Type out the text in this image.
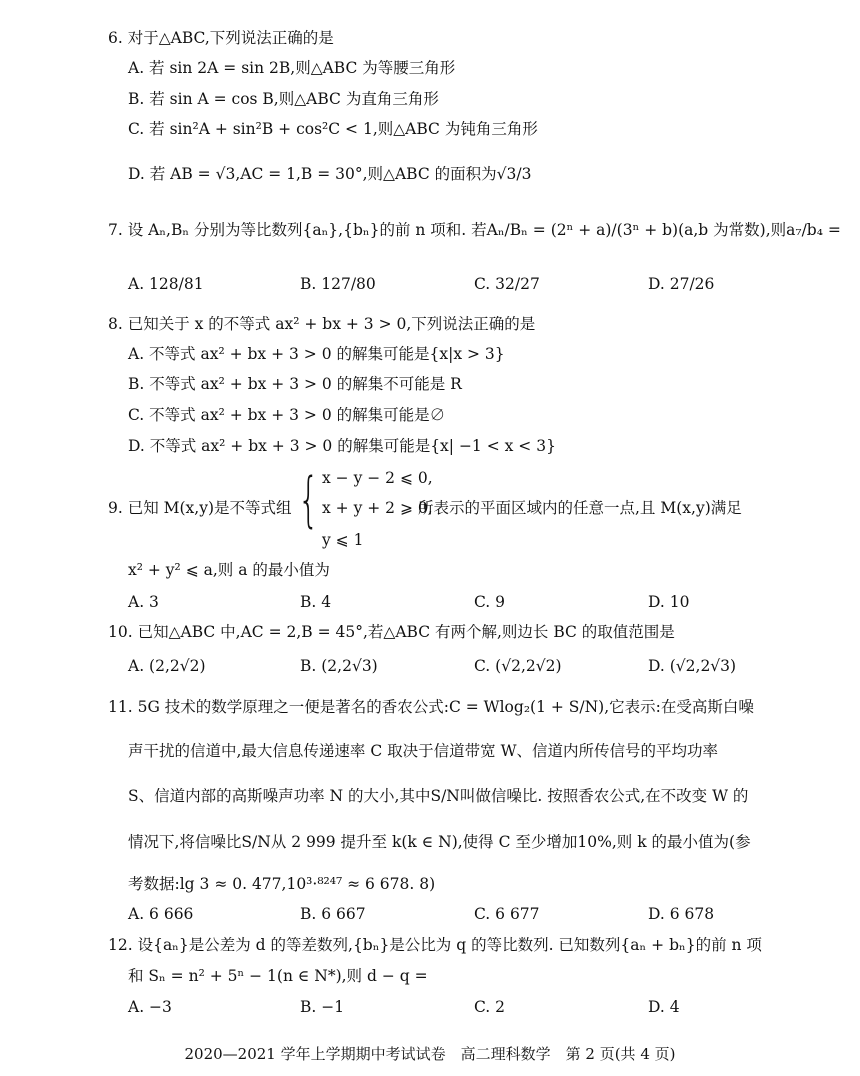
6. 对于△ABC,下列说法正确的是
A. 若 sin 2A = sin 2B,则△ABC 为等腰三角形
B. 若 sin A = cos B,则△ABC 为直角三角形
C. 若 sin²A + sin²B + cos²C < 1,则△ABC 为钝角三角形
D. 若 AB = √3,AC = 1,B = 30°,则△ABC 的面积为√3/3
7. 设 Aₙ,Bₙ 分别为等比数列{aₙ},{bₙ}的前 n 项和. 若Aₙ/Bₙ = (2ⁿ + a)/(3ⁿ + b)(a,b 为常数),则a₇/b₄ =
A. 128/81	B. 127/80	C. 32/27	D. 27/26
8. 已知关于 x 的不等式 ax² + bx + 3 > 0,下列说法正确的是
A. 不等式 ax² + bx + 3 > 0 的解集可能是{x|x > 3}
B. 不等式 ax² + bx + 3 > 0 的解集不可能是 R
C. 不等式 ax² + bx + 3 > 0 的解集可能是∅
D. 不等式 ax² + bx + 3 > 0 的解集可能是{x| −1 < x < 3}
9. 已知 M(x,y)是不等式组 { x − y − 2 ⩽ 0,
x + y + 2 ⩾ 0,
y ⩽ 1
所表示的平面区域内的任意一点,且 M(x,y)满足
x² + y² ⩽ a,则 a 的最小值为
A. 3	B. 4	C. 9	D. 10
10. 已知△ABC 中,AC = 2,B = 45°,若△ABC 有两个解,则边长 BC 的取值范围是
A. (2,2√2)	B. (2,2√3)	C. (√2,2√2)	D. (√2,2√3)
11. 5G 技术的数学原理之一便是著名的香农公式:C = Wlog₂(1 + S/N),它表示:在受高斯白噪
声干扰的信道中,最大信息传递速率 C 取决于信道带宽 W、信道内所传信号的平均功率
S、信道内部的高斯噪声功率 N 的大小,其中S/N叫做信噪比. 按照香农公式,在不改变 W 的
情况下,将信噪比S/N从 2 999 提升至 k(k ∈ N),使得 C 至少增加10%,则 k 的最小值为(参
考数据:lg 3 ≈ 0. 477,10³·⁸²⁴⁷ ≈ 6 678. 8)
A. 6 666	B. 6 667	C. 6 677	D. 6 678
12. 设{aₙ}是公差为 d 的等差数列,{bₙ}是公比为 q 的等比数列. 已知数列{aₙ + bₙ}的前 n 项
和 Sₙ = n² + 5ⁿ − 1(n ∈ N*),则 d − q =
A. −3	B. −1	C. 2	D. 4
2020—2021 学年上学期期中考试试卷　高二理科数学　第 2 页(共 4 页)
